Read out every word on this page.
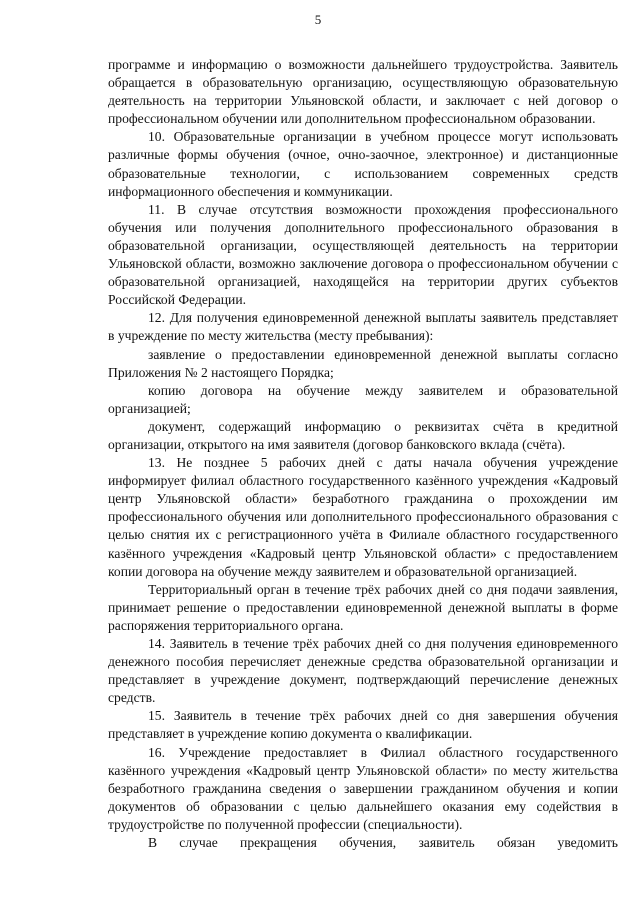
5

программе и информацию о возможности дальнейшего трудоустройства. Заявитель обращается в образовательную организацию, осуществляющую образовательную деятельность на территории Ульяновской области, и заключает с ней договор о профессиональном обучении или дополнительном профессиональном образовании.

10. Образовательные организации в учебном процессе могут использовать различные формы обучения (очное, очно-заочное, электронное) и дистанционные образовательные технологии, с использованием современных средств информационного обеспечения и коммуникации.

11. В случае отсутствия возможности прохождения профессионального обучения или получения дополнительного профессионального образования в образовательной организации, осуществляющей деятельность на территории Ульяновской области, возможно заключение договора о профессиональном обучении с образовательной организацией, находящейся на территории других субъектов Российской Федерации.

12. Для получения единовременной денежной выплаты заявитель представляет в учреждение по месту жительства (месту пребывания):

заявление о предоставлении единовременной денежной выплаты согласно Приложения № 2 настоящего Порядка;

копию договора на обучение между заявителем и образовательной организацией;

документ, содержащий информацию о реквизитах счёта в кредитной организации, открытого на имя заявителя (договор банковского вклада (счёта).

13. Не позднее 5 рабочих дней с даты начала обучения учреждение информирует филиал областного государственного казённого учреждения «Кадровый центр Ульяновской области» безработного гражданина о прохождении им профессионального обучения или дополнительного профессионального образования с целью снятия их с регистрационного учёта в Филиале областного государственного казённого учреждения «Кадровый центр Ульяновской области» с предоставлением копии договора на обучение между заявителем и образовательной организацией.

Территориальный орган в течение трёх рабочих дней со дня подачи заявления, принимает решение о предоставлении единовременной денежной выплаты в форме распоряжения территориального органа.

14. Заявитель в течение трёх рабочих дней со дня получения единовременного денежного пособия перечисляет денежные средства образовательной организации и представляет в учреждение документ, подтверждающий перечисление денежных средств.

15. Заявитель в течение трёх рабочих дней со дня завершения обучения представляет в учреждение копию документа о квалификации.

16. Учреждение предоставляет в Филиал областного государственного казённого учреждения «Кадровый центр Ульяновской области» по месту жительства безработного гражданина сведения о завершении гражданином обучения и копии документов об образовании с целью дальнейшего оказания ему содействия в трудоустройстве по полученной профессии (специальности).

В случае прекращения обучения, заявитель обязан уведомить
